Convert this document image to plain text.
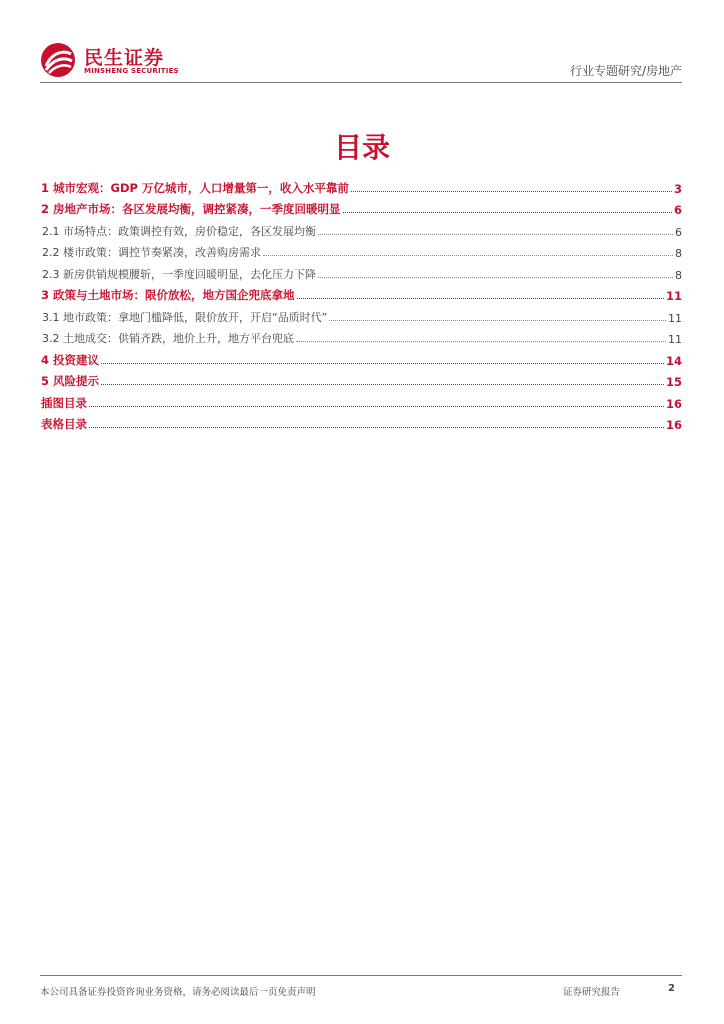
民生证券
MINSHENG SECURITIES	行业专题研究/房地产
目录
1 城市宏观：GDP 万亿城市，人口增量第一，收入水平靠前	3
2 房地产市场：各区发展均衡，调控紧凑，一季度回暖明显	6
2.1 市场特点：政策调控有效，房价稳定，各区发展均衡	6
2.2 楼市政策：调控节奏紧凑，改善购房需求	8
2.3 新房供销规模腰斩，一季度回暖明显，去化压力下降	8
3 政策与土地市场：限价放松，地方国企兜底拿地	11
3.1 地市政策：拿地门槛降低，限价放开，开启“品质时代”	11
3.2 土地成交：供销齐跌，地价上升，地方平台兜底	11
4 投资建议	14
5 风险提示	15
插图目录	16
表格目录	16
本公司具备证券投资咨询业务资格，请务必阅读最后一页免责声明	证券研究报告	2
